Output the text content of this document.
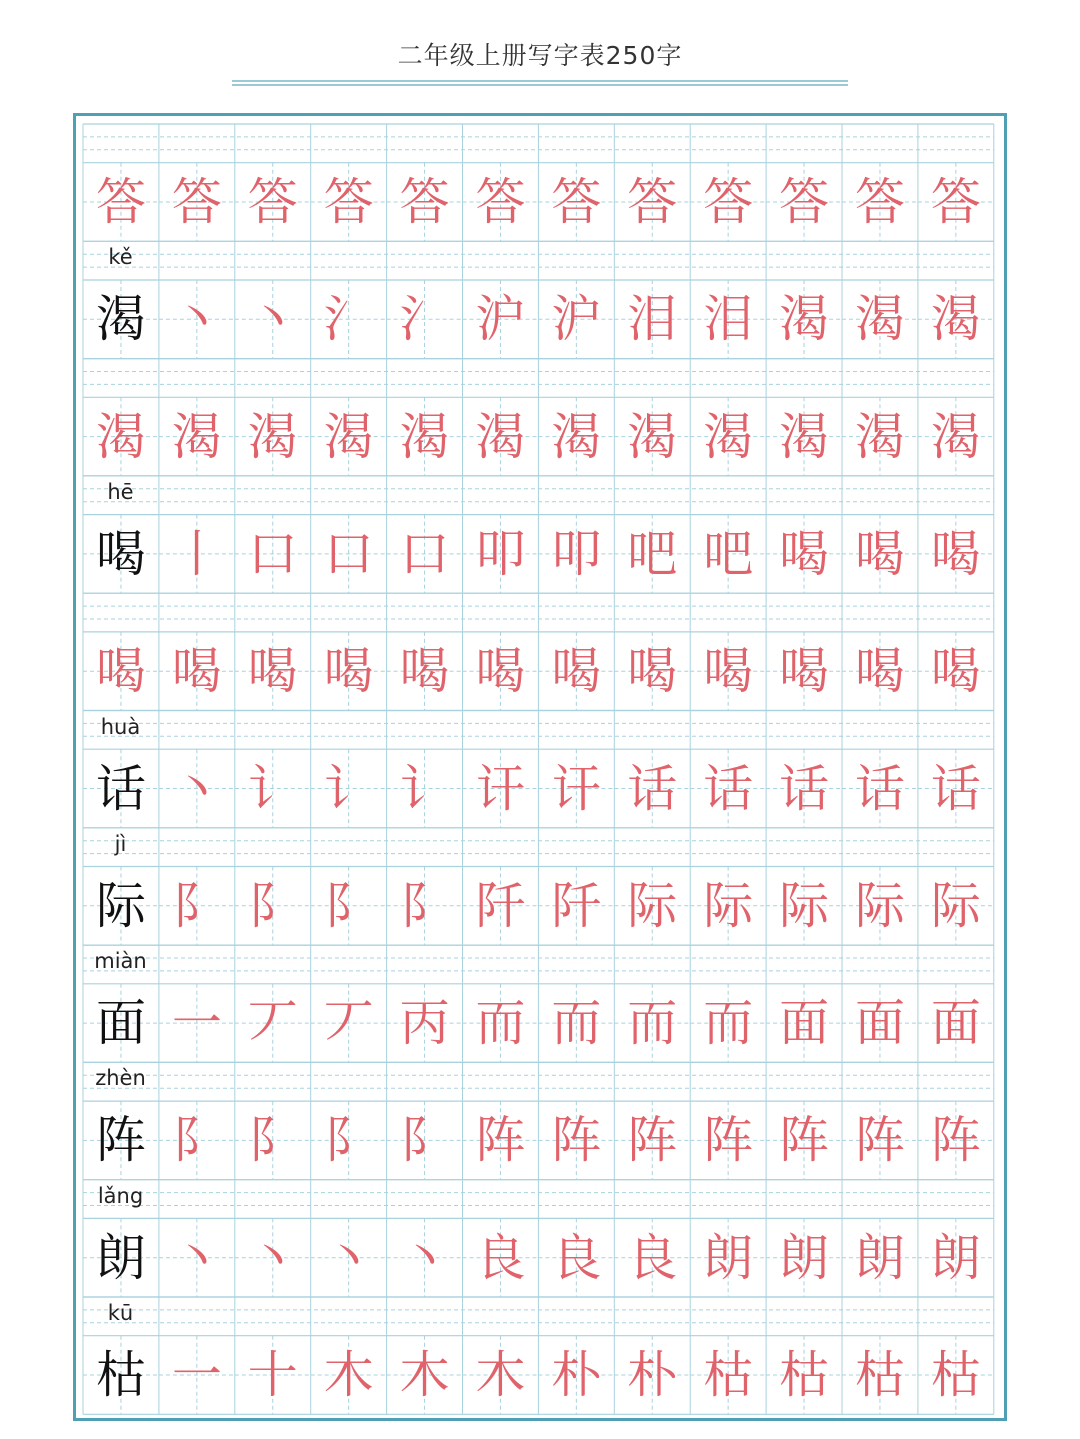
二年级上册写字表250字
答 答 答 答 答 答 答 答 答 答 答 答
kě
渴 丶 丶 氵 氵 沪 沪 泪 泪 渴 渴 渴
渴 渴 渴 渴 渴 渴 渴 渴 渴 渴 渴 渴
hē
喝 丨 口 口 口 叩 叩 吧 吧 喝 喝 喝
喝 喝 喝 喝 喝 喝 喝 喝 喝 喝 喝 喝
huà
话 丶 讠 讠 讠 讦 讦 话 话 话 话 话
jì
际 ⻖ 阝 阝 阝 阡 阡 际 际 际 际 际
miàn
面 一 丆 丆 丙 而 而 而 而 面 面 面
zhèn
阵 ⻖ 阝 阝 阝 阵 阵 阵 阵 阵 阵 阵
lǎng
朗 丶 丶 丶 丶 良 良 良 朗 朗 朗 朗
kū
枯 一 十 木 木 木 朴 朴 枯 枯 枯 枯
